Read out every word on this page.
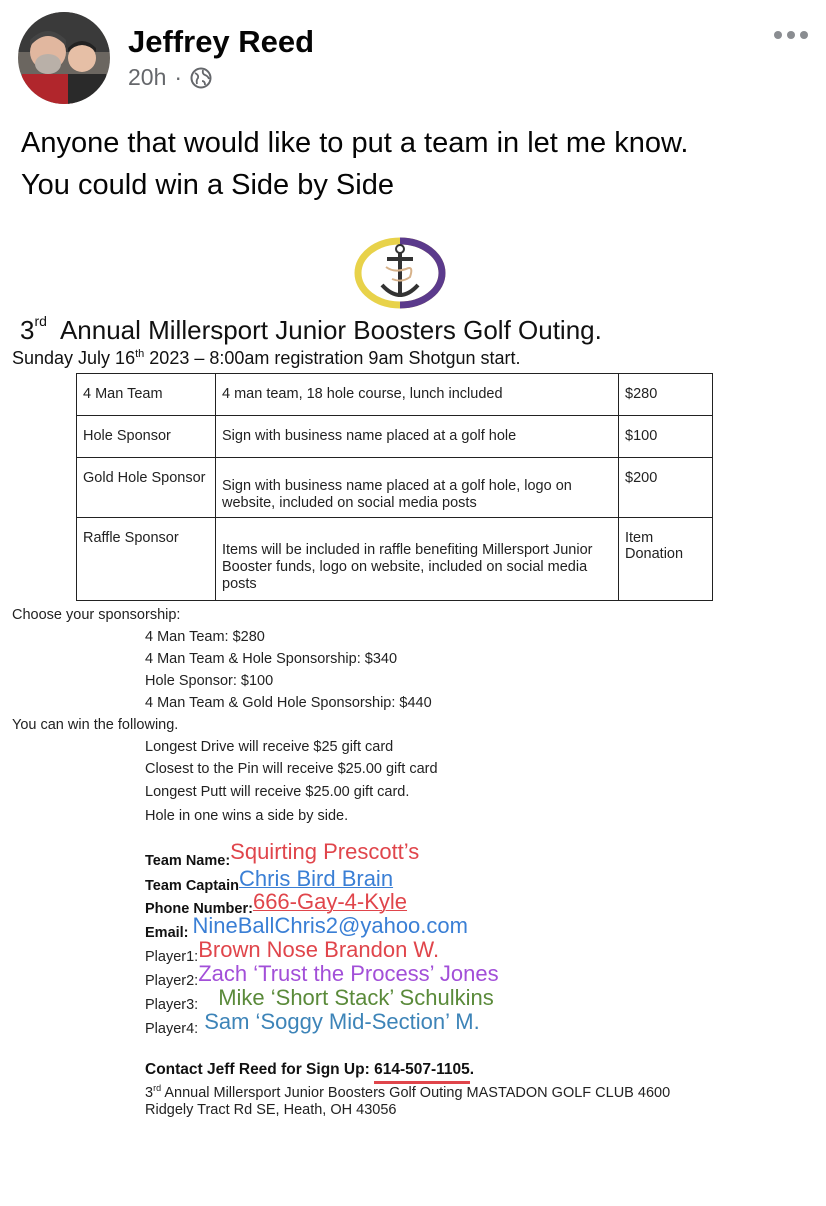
Jeffrey Reed
20h ·
Anyone that would like to put a team in let me know.
You could win a Side by Side
3rd Annual Millersport Junior Boosters Golf Outing.
Sunday July 16th 2023 – 8:00am registration 9am Shotgun start.
4 Man Team	4 man team, 18 hole course, lunch included	$280
Hole Sponsor	Sign with business name placed at a golf hole	$100
Gold Hole Sponsor	Sign with business name placed at a golf hole, logo on
website, included on social media posts	$200
Raffle Sponsor	Items will be included in raffle benefiting Millersport Junior
Booster funds, logo on website, included on social media
posts	Item Donation
Choose your sponsorship:
4 Man Team: $280
4 Man Team & Hole Sponsorship: $340
Hole Sponsor: $100
4 Man Team & Gold Hole Sponsorship: $440
You can win the following.
Longest Drive will receive $25 gift card
Closest to the Pin will receive $25.00 gift card
Longest Putt will receive $25.00 gift card.
Hole in one wins a side by side.
Team Name:Squirting Prescott’s
Team CaptainChris Bird Brain
Phone Number:666-Gay-4-Kyle
Email: NineBallChris2@yahoo.com
Player1:Brown Nose Brandon W.
Player2:Zach ‘Trust the Process’ Jones
Player3: Mike ‘Short Stack’ Schulkins
Player4: Sam ‘Soggy Mid-Section’ M.
Contact Jeff Reed for Sign Up: 614-507-1105.
3rd Annual Millersport Junior Boosters Golf Outing MASTADON GOLF CLUB 4600
Ridgely Tract Rd SE, Heath, OH 43056
